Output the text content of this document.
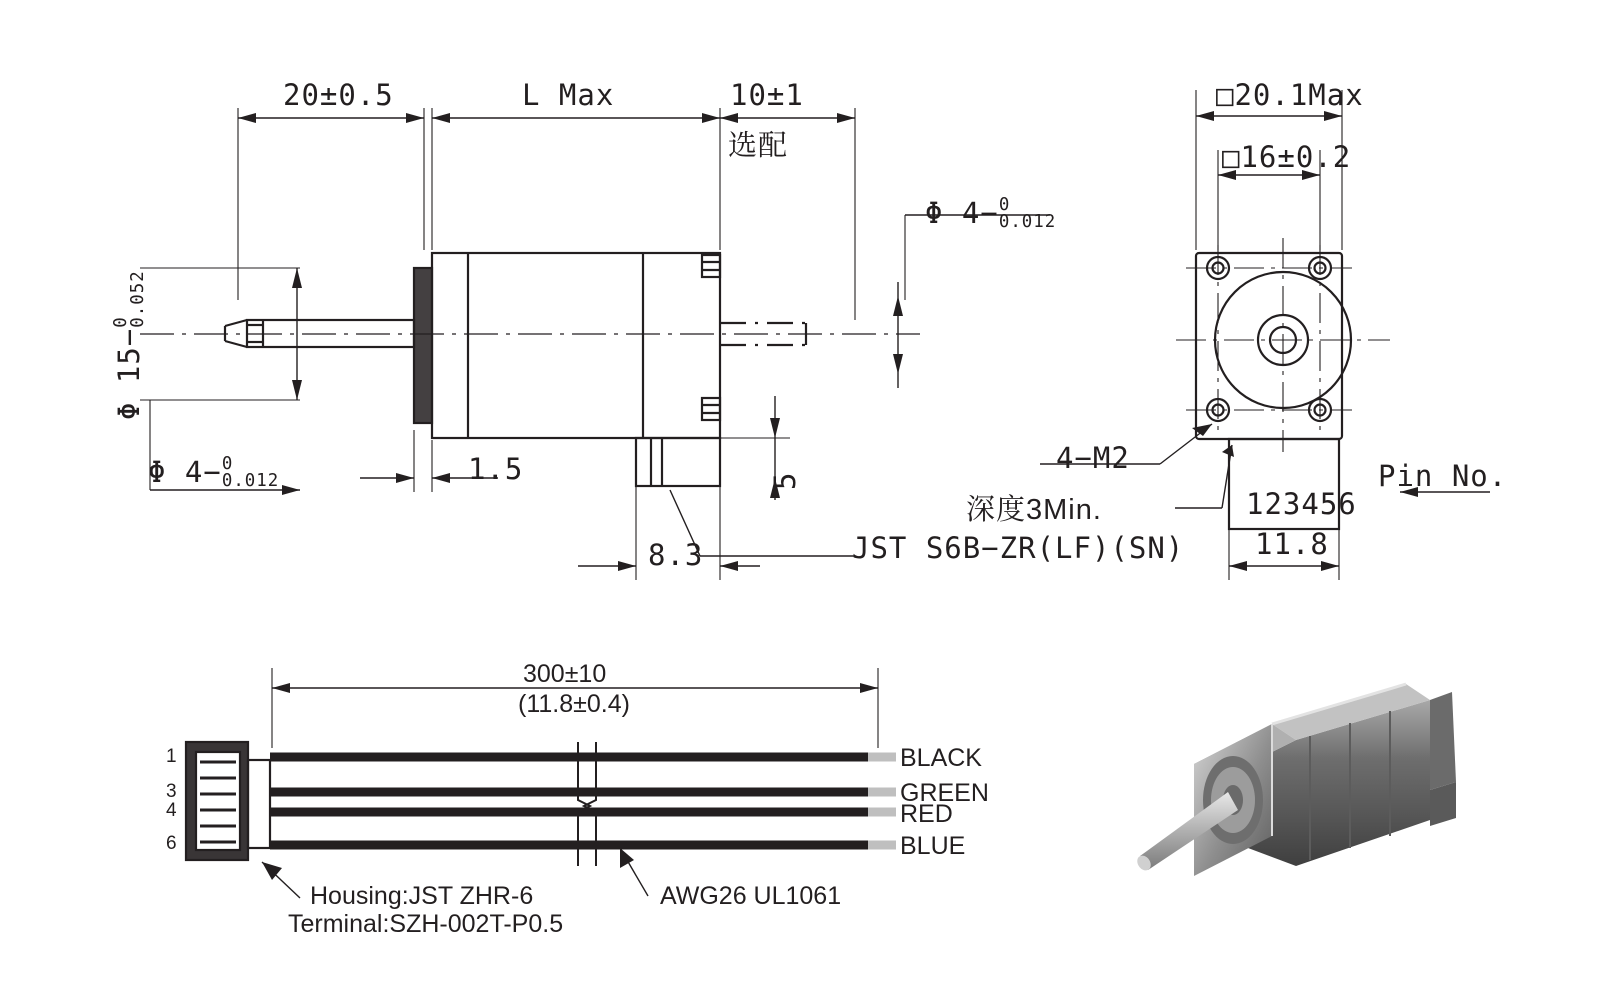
20±0.5	L Max	10±1
选配
Φ 4− 0
0.012
Φ 15−
0
0.052
Φ 4− 0
0.012	1.5	5
8.3	JST S6B−ZR(LF)(SN)
□20.1Max
□16±0.2
4−M2
深度3Min.	123456
Pin No.
11.8
300±10
(11.8±0.4)
1
3
4
6
BLACK
GREEN
RED
BLUE
Housing:JST ZHR-6
Terminal:SZH-002T-P0.5
AWG26 UL1061
